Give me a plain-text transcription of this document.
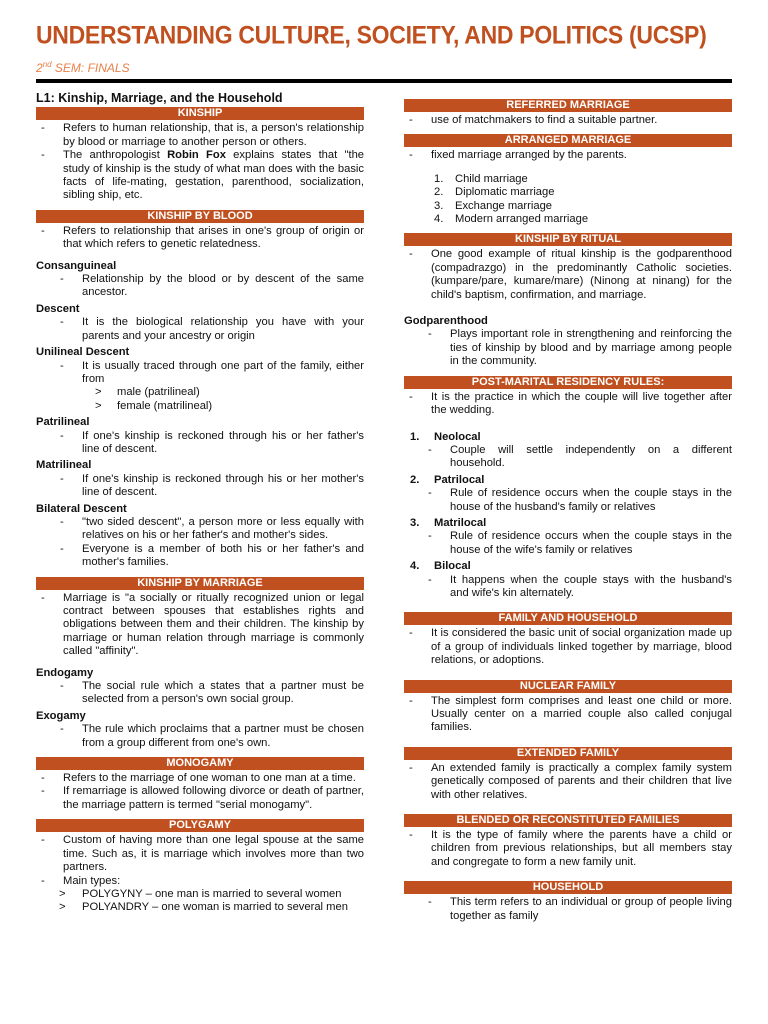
UNDERSTANDING CULTURE, SOCIETY, AND POLITICS (UCSP)
2nd SEM: FINALS
L1: Kinship, Marriage, and the Household
KINSHIP
- Refers to human relationship, that is, a person's relationship by blood or marriage to another person or others.
- The anthropologist Robin Fox explains states that "the study of kinship is the study of what man does with the basic facts of life-mating, gestation, parenthood, socialization, sibling ship, etc.
KINSHIP BY BLOOD
- Refers to relationship that arises in one's group of origin or that which refers to genetic relatedness.
Consanguineal
- Relationship by the blood or by descent of the same ancestor.
Descent
- It is the biological relationship you have with your parents and your ancestry or origin
Unilineal Descent
- It is usually traced through one part of the family, either from
> male (patrilineal)
> female (matrilineal)
Patrilineal
- If one's kinship is reckoned through his or her father's line of descent.
Matrilineal
- If one's kinship is reckoned through his or her mother's line of descent.
Bilateral Descent
- "two sided descent", a person more or less equally with relatives on his or her father's and mother's sides.
- Everyone is a member of both his or her father's and mother's families.
KINSHIP BY MARRIAGE
- Marriage is "a socially or ritually recognized union or legal contract between spouses that establishes rights and obligations between them and their children. The kinship by marriage or human relation through marriage is commonly called "affinity".
Endogamy
- The social rule which a states that a partner must be selected from a person's own social group.
Exogamy
- The rule which proclaims that a partner must be chosen from a group different from one's own.
MONOGAMY
- Refers to the marriage of one woman to one man at a time.
- If remarriage is allowed following divorce or death of partner, the marriage pattern is termed "serial monogamy".
POLYGAMY
- Custom of having more than one legal spouse at the same time. Such as, it is marriage which involves more than two partners.
- Main types:
> POLYGYNY – one man is married to several women
> POLYANDRY – one woman is married to several men
REFERRED MARRIAGE
- use of matchmakers to find a suitable partner.
ARRANGED MARRIAGE
- fixed marriage arranged by the parents.
1. Child marriage
2. Diplomatic marriage
3. Exchange marriage
4. Modern arranged marriage
KINSHIP BY RITUAL
- One good example of ritual kinship is the godparenthood (compadrazgo) in the predominantly Catholic societies. (kumpare/pare, kumare/mare) (Ninong at ninang) for the child's baptism, confirmation, and marriage.
Godparenthood
- Plays important role in strengthening and reinforcing the ties of kinship by blood and by marriage among people in the community.
POST-MARITAL RESIDENCY RULES:
- It is the practice in which the couple will live together after the wedding.
1. Neolocal
- Couple will settle independently on a different household.
2. Patrilocal
- Rule of residence occurs when the couple stays in the house of the husband's family or relatives
3. Matrilocal
- Rule of residence occurs when the couple stays in the house of the wife's family or relatives
4. Bilocal
- It happens when the couple stays with the husband's and wife's kin alternately.
FAMILY AND HOUSEHOLD
- It is considered the basic unit of social organization made up of a group of individuals linked together by marriage, blood relations, or adoptions.
NUCLEAR FAMILY
- The simplest form comprises and least one child or more. Usually center on a married couple also called conjugal families.
EXTENDED FAMILY
- An extended family is practically a complex family system genetically composed of parents and their children that live with other relatives.
BLENDED OR RECONSTITUTED FAMILIES
- It is the type of family where the parents have a child or children from previous relationships, but all members stay and congregate to form a new family unit.
HOUSEHOLD
- This term refers to an individual or group of people living together as family
